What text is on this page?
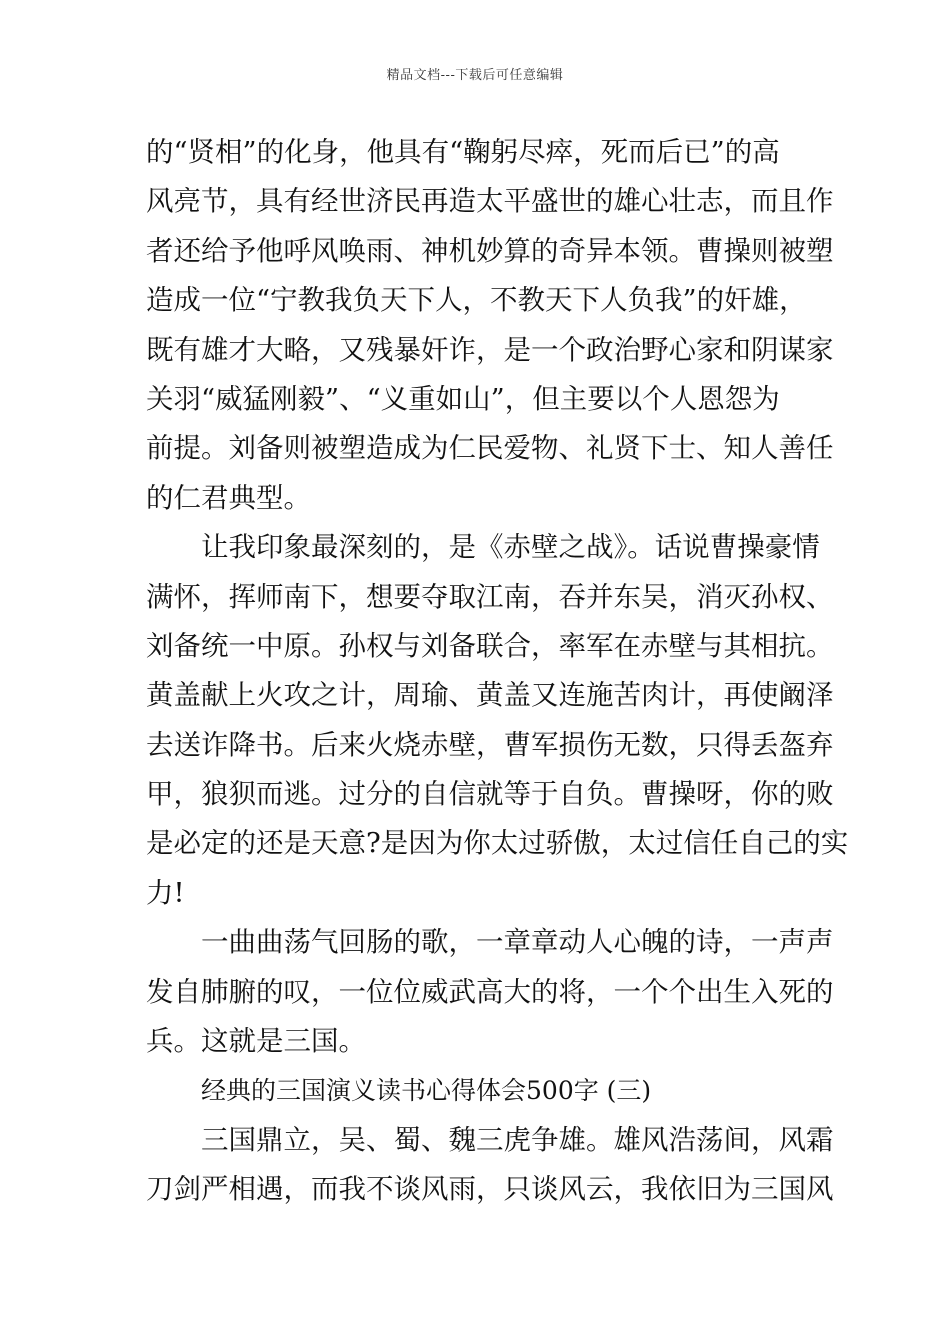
精品文档---下载后可任意编辑
的“贤相”的化身，他具有“鞠躬尽瘁，死而后已”的高
风亮节，具有经世济民再造太平盛世的雄心壮志，而且作
者还给予他呼风唤雨、神机妙算的奇异本领。曹操则被塑
造成一位“宁教我负天下人，不教天下人负我”的奸雄，
既有雄才大略，又残暴奸诈，是一个政治野心家和阴谋家
关羽“威猛刚毅”、“义重如山”，但主要以个人恩怨为
前提。刘备则被塑造成为仁民爱物、礼贤下士、知人善任
的仁君典型。
让我印象最深刻的，是《赤壁之战》。话说曹操豪情
满怀，挥师南下，想要夺取江南，吞并东吴，消灭孙权、
刘备统一中原。孙权与刘备联合，率军在赤壁与其相抗。
黄盖献上火攻之计，周瑜、黄盖又连施苦肉计，再使阚泽
去送诈降书。后来火烧赤壁，曹军损伤无数，只得丢盔弃
甲，狼狈而逃。过分的自信就等于自负。曹操呀，你的败
是必定的还是天意?是因为你太过骄傲，太过信任自己的实
力!
一曲曲荡气回肠的歌，一章章动人心魄的诗，一声声
发自肺腑的叹，一位位威武高大的将，一个个出生入死的
兵。这就是三国。
经典的三国演义读书心得体会500字 (三)
三国鼎立，吴、蜀、魏三虎争雄。雄风浩荡间，风霜
刀剑严相遇，而我不谈风雨，只谈风云，我依旧为三国风
